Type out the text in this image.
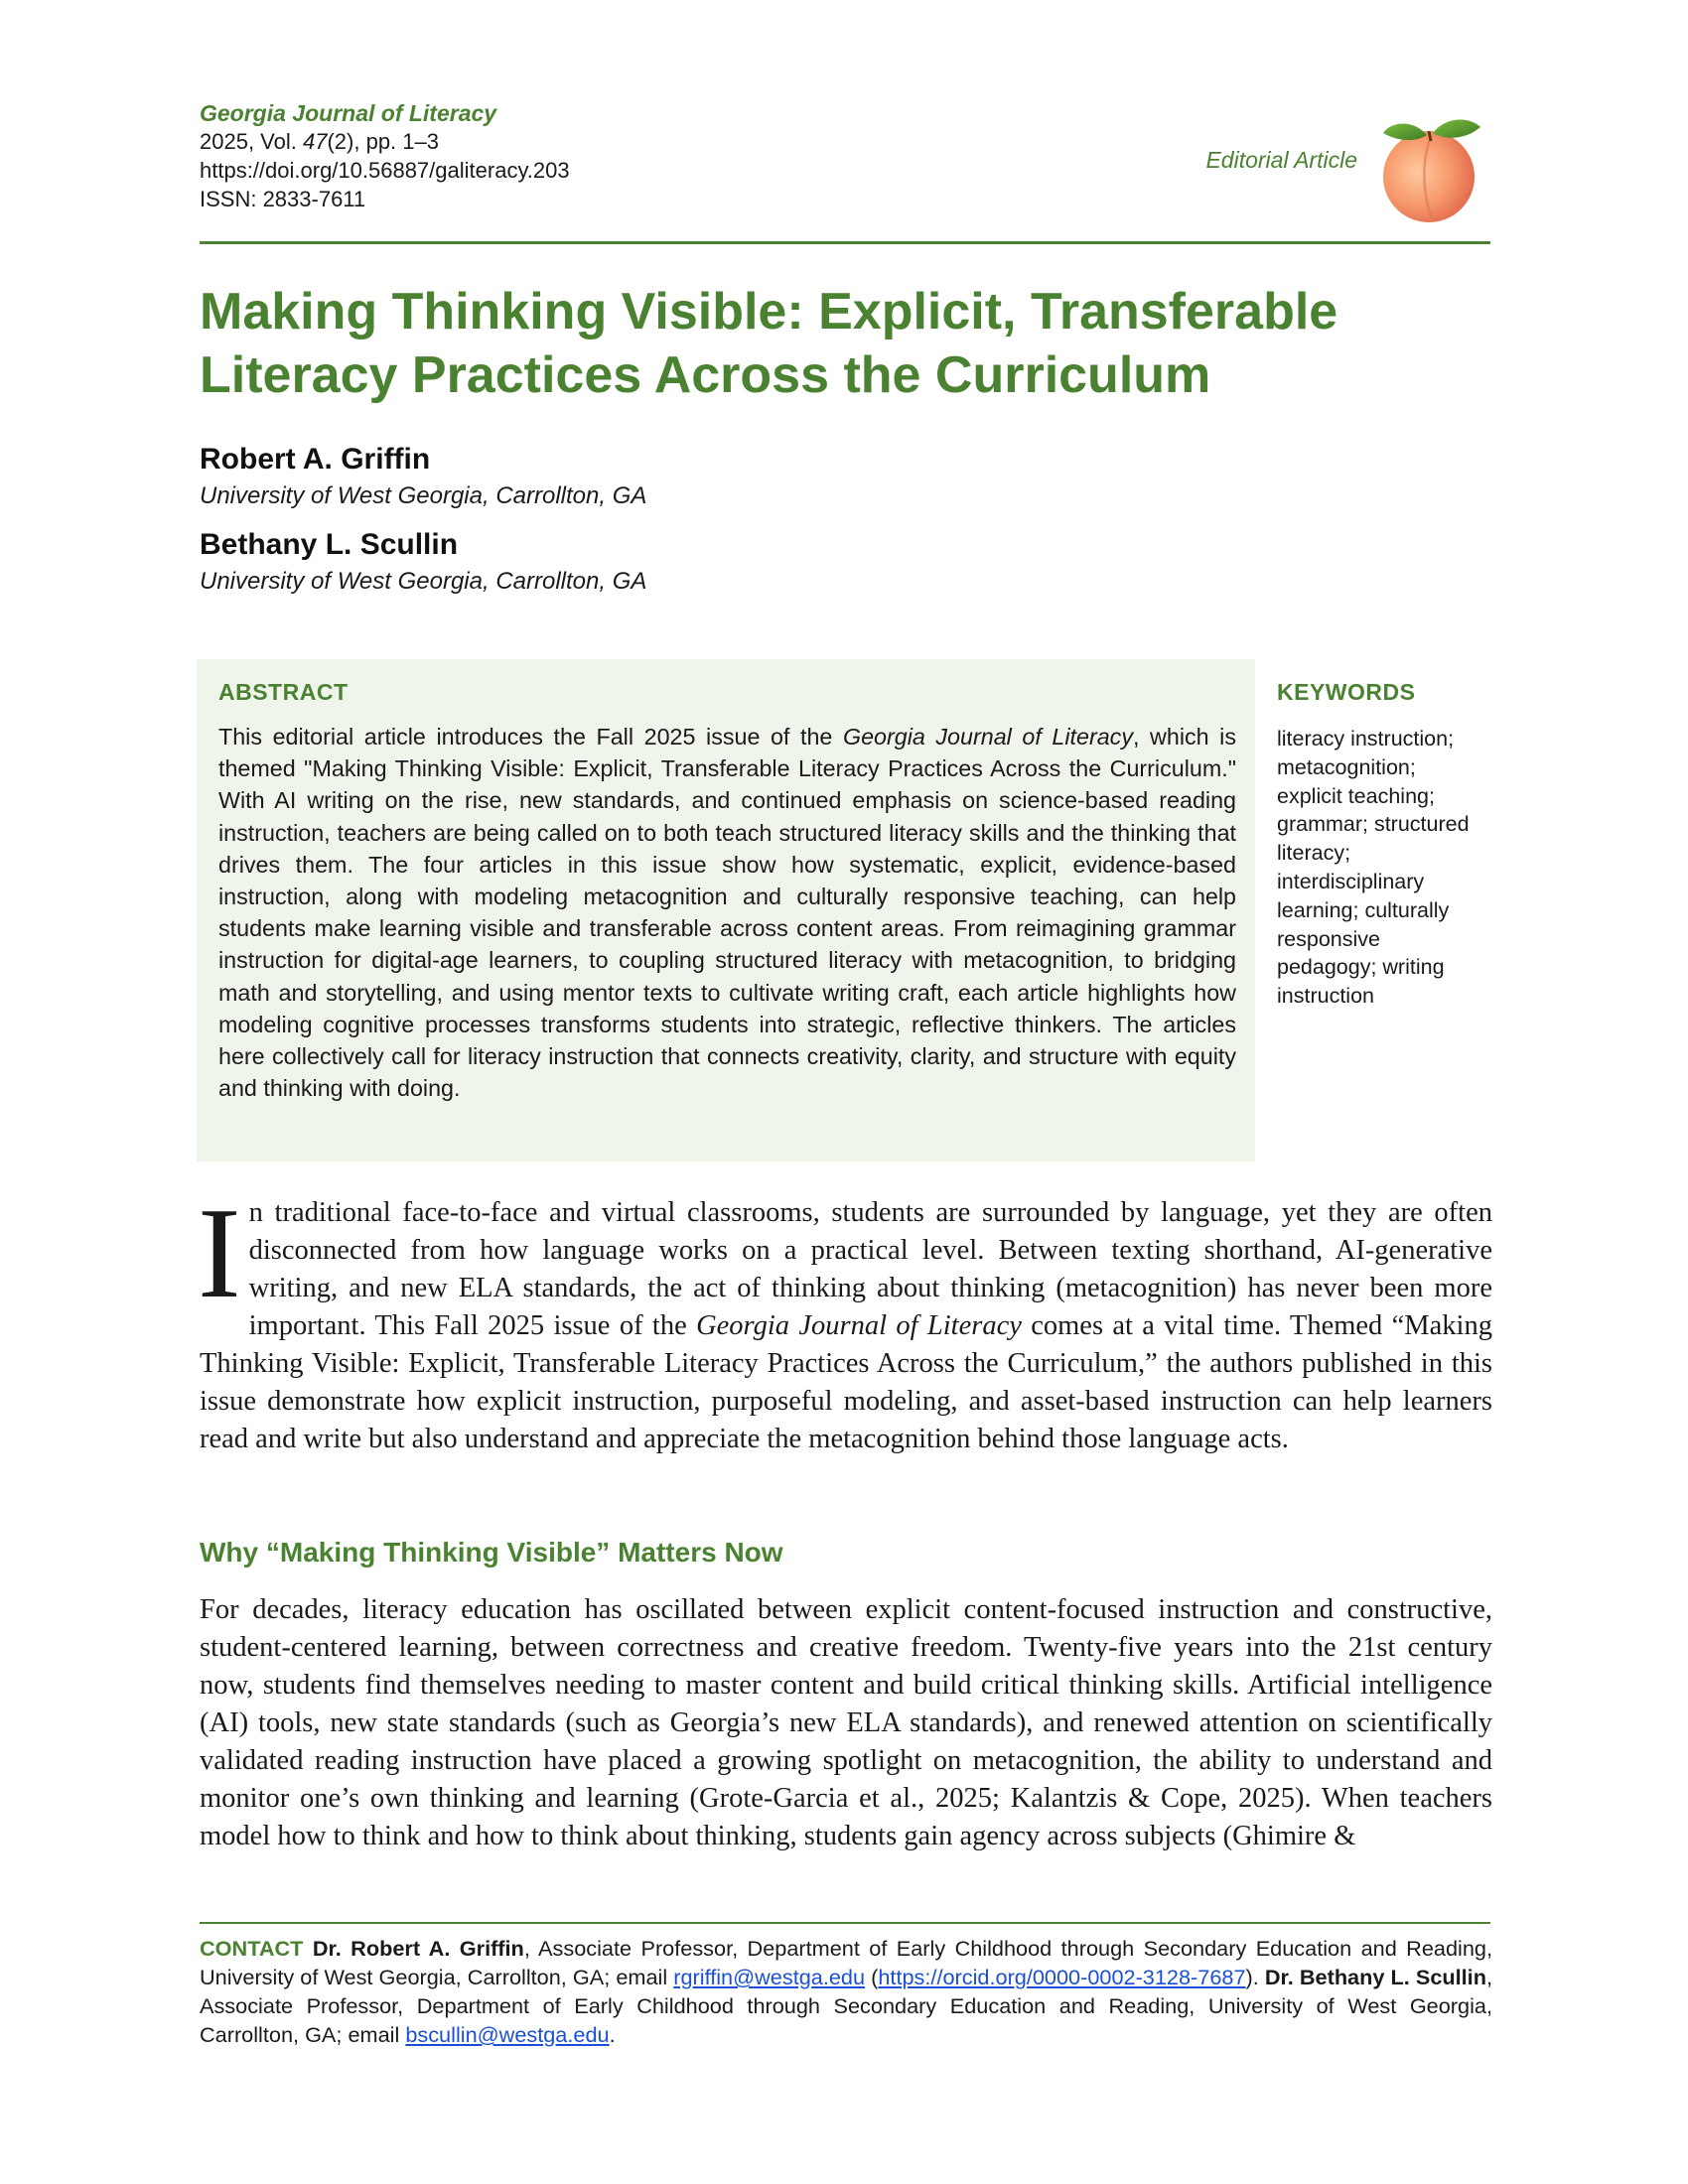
Georgia Journal of Literacy
2025, Vol. 47(2), pp. 1–3
https://doi.org/10.56887/galiteracy.203
ISSN: 2833-7611
Editorial Article
Making Thinking Visible: Explicit, Transferable
Literacy Practices Across the Curriculum
Robert A. Griffin
University of West Georgia, Carrollton, GA
Bethany L. Scullin
University of West Georgia, Carrollton, GA
ABSTRACT
This editorial article introduces the Fall 2025 issue of the Georgia Journal of Literacy, which is themed "Making Thinking Visible: Explicit, Transferable Literacy Practices Across the Curriculum." With AI writing on the rise, new standards, and continued emphasis on science-based reading instruction, teachers are being called on to both teach structured literacy skills and the thinking that drives them. The four articles in this issue show how systematic, explicit, evidence-based instruction, along with modeling metacognition and culturally responsive teaching, can help students make learning visible and transferable across content areas. From reimagining grammar instruction for digital-age learners, to coupling structured literacy with metacognition, to bridging math and storytelling, and using mentor texts to cultivate writing craft, each article highlights how modeling cognitive processes transforms students into strategic, reflective thinkers. The articles here collectively call for literacy instruction that connects creativity, clarity, and structure with equity and thinking with doing.
KEYWORDS
literacy instruction; metacognition; explicit teaching; grammar; structured literacy; interdisciplinary learning; culturally responsive pedagogy; writing instruction
In traditional face-to-face and virtual classrooms, students are surrounded by language, yet they are often disconnected from how language works on a practical level. Between texting shorthand, AI-generative writing, and new ELA standards, the act of thinking about thinking (metacognition) has never been more important. This Fall 2025 issue of the Georgia Journal of Literacy comes at a vital time. Themed “Making Thinking Visible: Explicit, Transferable Literacy Practices Across the Curriculum,” the authors published in this issue demonstrate how explicit instruction, purposeful modeling, and asset-based instruction can help learners read and write but also understand and appreciate the metacognition behind those language acts.
Why “Making Thinking Visible” Matters Now
For decades, literacy education has oscillated between explicit content-focused instruction and constructive, student-centered learning, between correctness and creative freedom. Twenty-five years into the 21st century now, students find themselves needing to master content and build critical thinking skills. Artificial intelligence (AI) tools, new state standards (such as Georgia’s new ELA standards), and renewed attention on scientifically validated reading instruction have placed a growing spotlight on metacognition, the ability to understand and monitor one’s own thinking and learning (Grote-Garcia et al., 2025; Kalantzis & Cope, 2025). When teachers model how to think and how to think about thinking, students gain agency across subjects (Ghimire &
CONTACT Dr. Robert A. Griffin, Associate Professor, Department of Early Childhood through Secondary Education and Reading, University of West Georgia, Carrollton, GA; email rgriffin@westga.edu (https://orcid.org/0000-0002-3128-7687). Dr. Bethany L. Scullin, Associate Professor, Department of Early Childhood through Secondary Education and Reading, University of West Georgia, Carrollton, GA; email bscullin@westga.edu.
